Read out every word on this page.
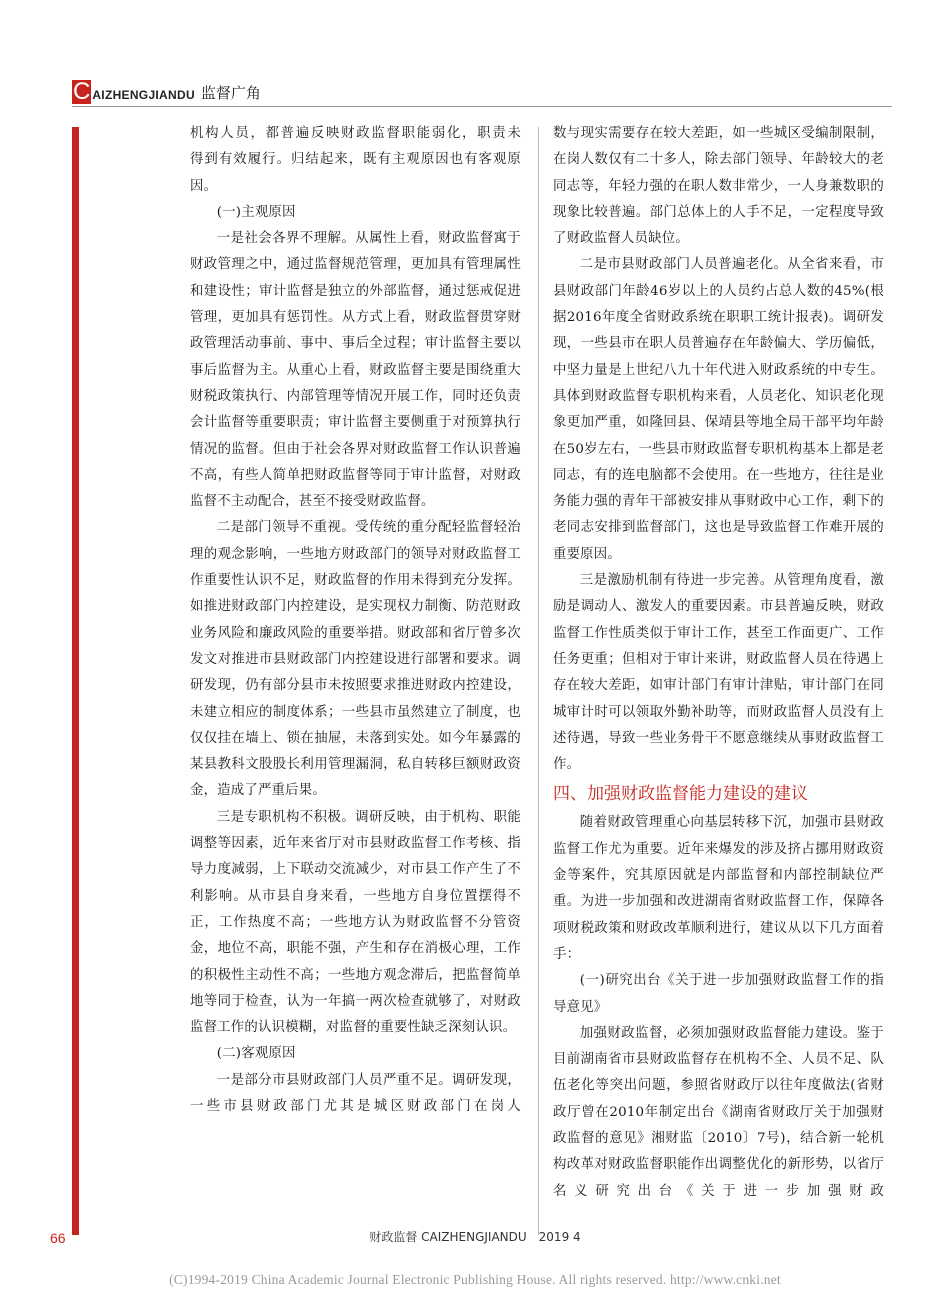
C AIZHENGJIANDU 监督广角

机构人员，都普遍反映财政监督职能弱化，职责未

得到有效履行。归结起来，既有主观原因也有客观原因。

(一)主观原因

一是社会各界不理解。从属性上看，财政监督寓于财政管理之中，通过监督规范管理，更加具有管理属性和建设性；审计监督是独立的外部监督，通过惩戒促进管理，更加具有惩罚性。从方式上看，财政监督贯穿财政管理活动事前、事中、事后全过程；审计监督主要以事后监督为主。从重心上看，财政监督主要是围绕重大财税政策执行、内部管理等情况开展工作，同时还负责会计监督等重要职责；审计监督主要侧重于对预算执行情况的监督。但由于社会各界对财政监督工作认识普遍不高，有些人简单把财政监督等同于审计监督，对财政监督不主动配合，甚至不接受财政监督。

二是部门领导不重视。受传统的重分配轻监督轻治理的观念影响，一些地方财政部门的领导对财政监督工作重要性认识不足，财政监督的作用未得到充分发挥。如推进财政部门内控建设，是实现权力制衡、防范财政业务风险和廉政风险的重要举措。财政部和省厅曾多次发文对推进市县财政部门内控建设进行部署和要求。调研发现，仍有部分县市未按照要求推进财政内控建设，未建立相应的制度体系；一些县市虽然建立了制度，也仅仅挂在墙上、锁在抽屉，未落到实处。如今年暴露的某县教科文股股长利用管理漏洞，私自转移巨额财政资金，造成了严重后果。

三是专职机构不积极。调研反映，由于机构、职能调整等因素，近年来省厅对市县财政监督工作考核、指导力度减弱，上下联动交流减少，对市县工作产生了不利影响。从市县自身来看，一些地方自身位置摆得不正，工作热度不高；一些地方认为财政监督不分管资金，地位不高，职能不强，产生和存在消极心理，工作的积极性主动性不高；一些地方观念滞后，把监督简单地等同于检查，认为一年搞一两次检查就够了，对财政监督工作的认识模糊，对监督的重要性缺乏深刻认识。

(二)客观原因

一是部分市县财政部门人员严重不足。调研发现，一些市县财政部门尤其是城区财政部门在岗人

数与现实需要存在较大差距，如一些城区受编制限制，在岗人数仅有二十多人，除去部门领导、年龄较大的老同志等，年轻力强的在职人数非常少，一人身兼数职的现象比较普遍。部门总体上的人手不足，一定程度导致了财政监督人员缺位。

二是市县财政部门人员普遍老化。从全省来看，市县财政部门年龄46岁以上的人员约占总人数的45%(根据2016年度全省财政系统在职职工统计报表)。调研发现，一些县市在职人员普遍存在年龄偏大、学历偏低，中坚力量是上世纪八九十年代进入财政系统的中专生。具体到财政监督专职机构来看，人员老化、知识老化现象更加严重，如隆回县、保靖县等地全局干部平均年龄在50岁左右，一些县市财政监督专职机构基本上都是老同志，有的连电脑都不会使用。在一些地方，往往是业务能力强的青年干部被安排从事财政中心工作，剩下的老同志安排到监督部门，这也是导致监督工作难开展的重要原因。

三是激励机制有待进一步完善。从管理角度看，激励是调动人、激发人的重要因素。市县普遍反映，财政监督工作性质类似于审计工作，甚至工作面更广、工作任务更重；但相对于审计来讲，财政监督人员在待遇上存在较大差距，如审计部门有审计津贴，审计部门在同城审计时可以领取外勤补助等，而财政监督人员没有上述待遇，导致一些业务骨干不愿意继续从事财政监督工作。

四、加强财政监督能力建设的建议

随着财政管理重心向基层转移下沉，加强市县财政监督工作尤为重要。近年来爆发的涉及挤占挪用财政资金等案件，究其原因就是内部监督和内部控制缺位严重。为进一步加强和改进湖南省财政监督工作，保障各项财税政策和财政改革顺利进行，建议从以下几方面着手：

(一)研究出台《关于进一步加强财政监督工作的指导意见》

加强财政监督，必须加强财政监督能力建设。鉴于目前湖南省市县财政监督存在机构不全、人员不足、队伍老化等突出问题，参照省财政厅以往年度做法(省财政厅曾在2010年制定出台《湖南省财政厅关于加强财政监督的意见》湘财监〔2010〕7号)，结合新一轮机构改革对财政监督职能作出调整优化的新形势，以省厅名义研究出台《关于进一步加强财政

66	财政监督 CAIZHENGJIANDU　2019 4
(C)1994-2019 China Academic Journal Electronic Publishing House. All rights reserved. http://www.cnki.net
